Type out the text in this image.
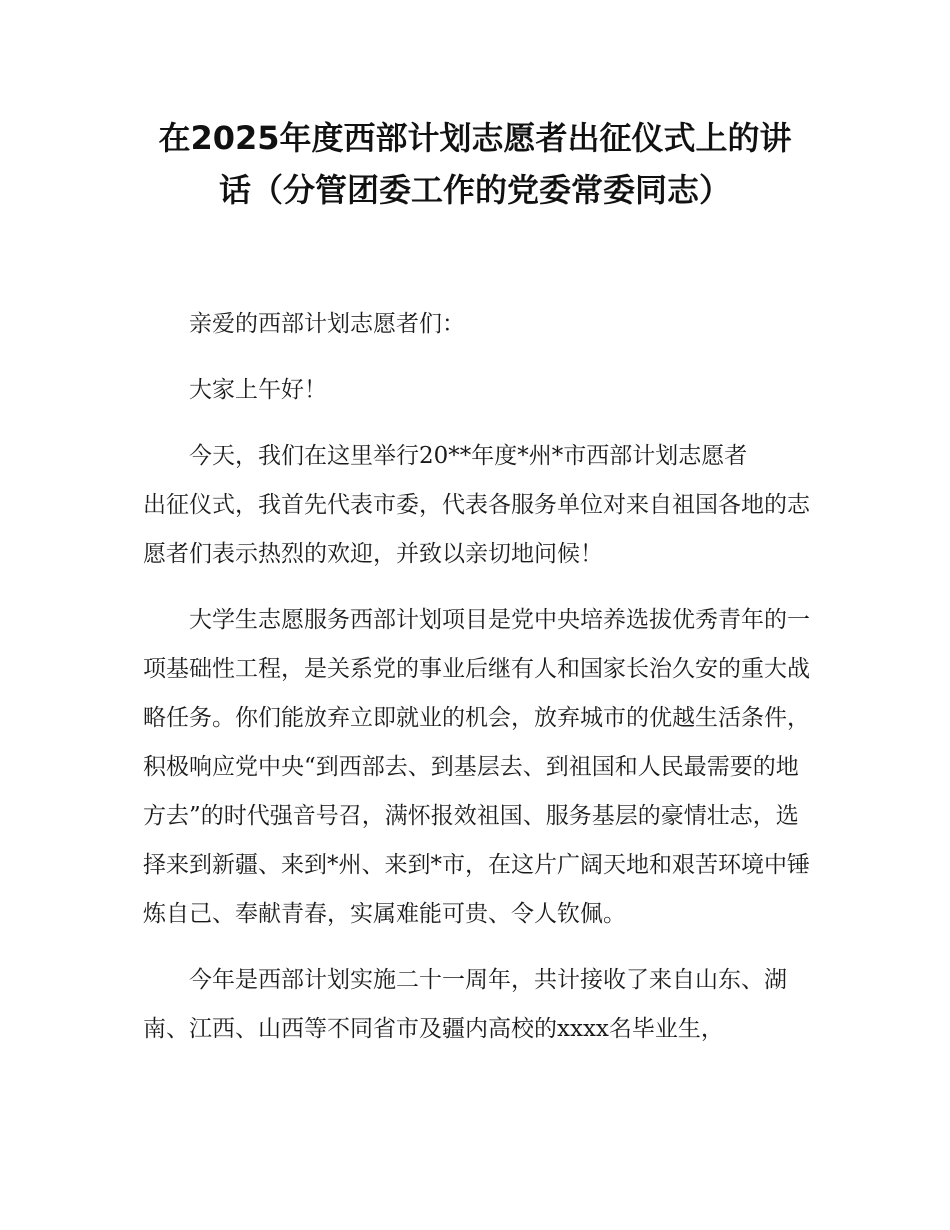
在2025年度西部计划志愿者出征仪式上的讲
话（分管团委工作的党委常委同志）

亲爱的西部计划志愿者们：

大家上午好！

今天，我们在这里举行20**年度*州*市西部计划志愿者

出征仪式，我首先代表市委，代表各服务单位对来自祖国各地的志愿者们表示热烈的欢迎，并致以亲切地问候！

大学生志愿服务西部计划项目是党中央培养选拔优秀青年的一项基础性工程，是关系党的事业后继有人和国家长治久安的重大战略任务。你们能放弃立即就业的机会，放弃城市的优越生活条件，积极响应党中央“到西部去、到基层去、到祖国和人民最需要的地方去”的时代强音号召，满怀报效祖国、服务基层的豪情壮志，选择来到新疆、来到*州、来到*市，在这片广阔天地和艰苦环境中锤炼自己、奉献青春，实属难能可贵、令人钦佩。

今年是西部计划实施二十一周年，共计接收了来自山东、湖南、江西、山西等不同省市及疆内高校的xxxx名毕业生，
